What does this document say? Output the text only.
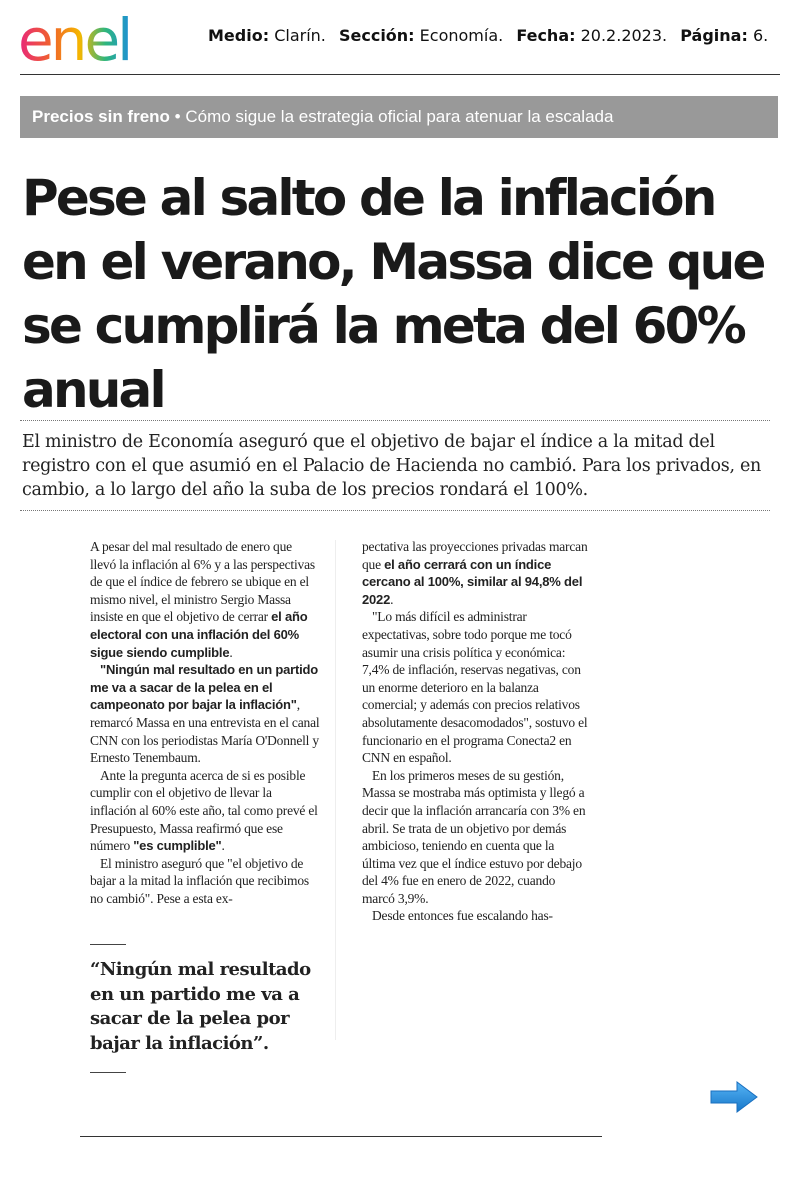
enel	Medio: Clarín. Sección: Economía. Fecha: 20.2.2023. Página: 6.
Precios sin freno • Cómo sigue la estrategia oficial para atenuar la escalada
Pese al salto de la inflación en el verano, Massa dice que se cumplirá la meta del 60% anual

El ministro de Economía aseguró que el objetivo de bajar el índice a la mitad del registro con el que asumió en el Palacio de Hacienda no cambió. Para los privados, en cambio, a lo largo del año la suba de los precios rondará el 100%.

A pesar del mal resultado de enero que llevó la inflación al 6% y a las perspectivas de que el índice de febrero se ubique en el mismo nivel, el ministro Sergio Massa insiste en que el objetivo de cerrar el año electoral con una inflación del 60% sigue siendo cumplible.

"Ningún mal resultado en un partido me va a sacar de la pelea en el campeonato por bajar la inflación", remarcó Massa en una entrevista en el canal CNN con los periodistas María O'Donnell y Ernesto Tenembaum.

Ante la pregunta acerca de si es posible cumplir con el objetivo de llevar la inflación al 60% este año, tal como prevé el Presupuesto, Massa reafirmó que ese número "es cumplible".

El ministro aseguró que "el objetivo de bajar a la mitad la inflación que recibimos no cambió". Pese a esta ex-

“Ningún mal resultado en un partido me va a sacar de la pelea por bajar la inflación”.

pectativa las proyecciones privadas marcan que el año cerrará con un índice cercano al 100%, similar al 94,8% del 2022.

"Lo más difícil es administrar expectativas, sobre todo porque me tocó asumir una crisis política y económica: 7,4% de inflación, reservas negativas, con un enorme deterioro en la balanza comercial; y además con precios relativos absolutamente desacomodados", sostuvo el funcionario en el programa Conecta2 en CNN en español.

En los primeros meses de su gestión, Massa se mostraba más optimista y llegó a decir que la inflación arrancaría con 3% en abril. Se trata de un objetivo por demás ambicioso, teniendo en cuenta que la última vez que el índice estuvo por debajo del 4% fue en enero de 2022, cuando marcó 3,9%.

Desde entonces fue escalando has-
